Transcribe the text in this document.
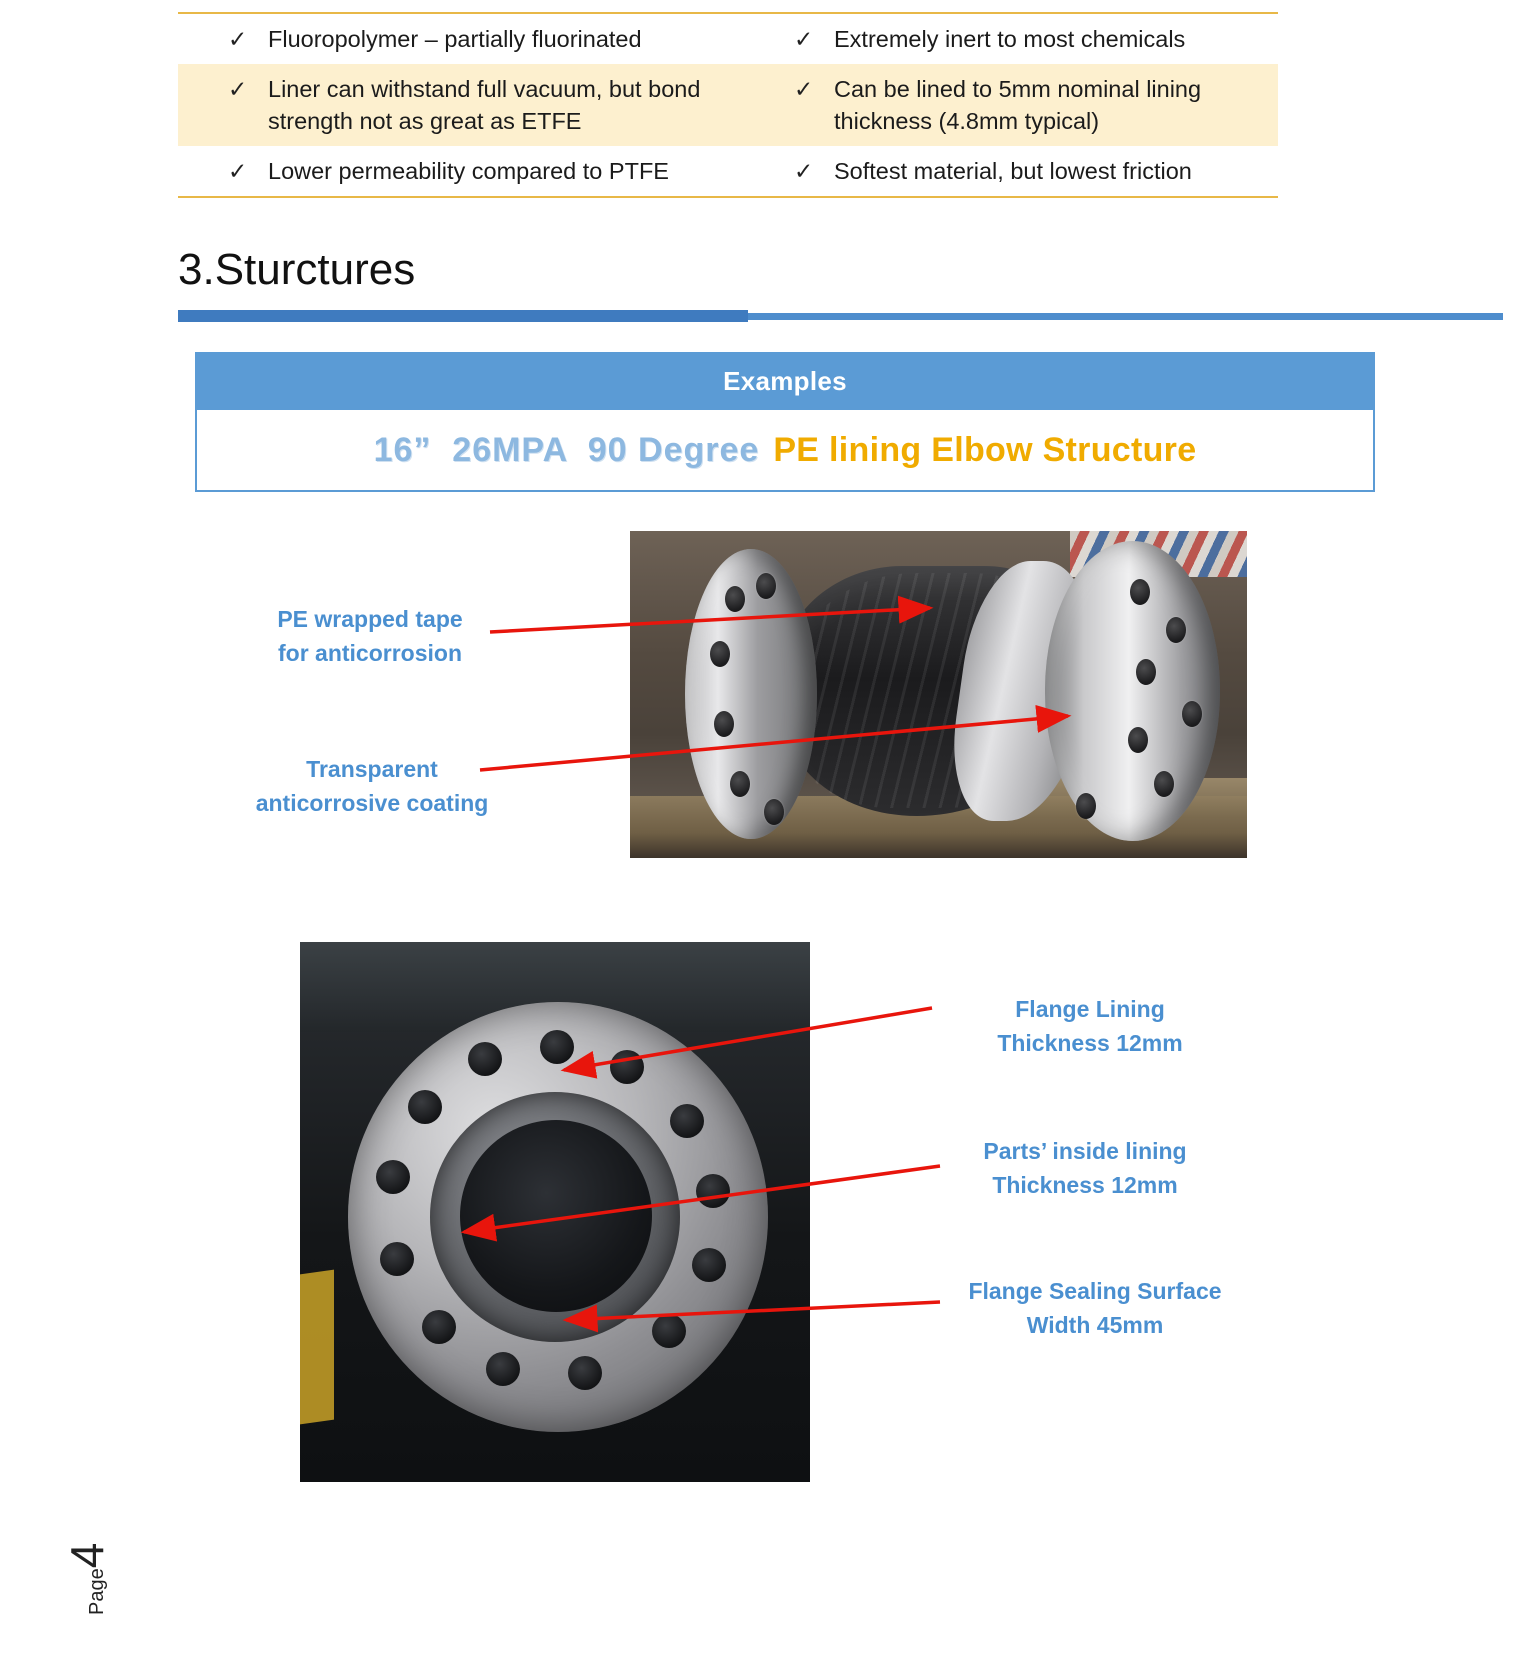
✓ Fluoropolymer – partially fluorinated	✓ Extremely inert to most chemicals
✓ Liner can withstand full vacuum, but bond strength not as great as ETFE
✓ Can be lined to 5mm nominal lining thickness (4.8mm typical)
✓ Lower permeability compared to PTFE	✓ Softest material, but lowest friction
3.Sturctures
Examples
16”  26MPA  90 Degree PE lining Elbow Structure
PE wrapped tape
for anticorrosion
Transparent
anticorrosive coating
Flange Lining
Thickness 12mm
Parts’ inside lining
Thickness 12mm
Flange Sealing Surface
Width 45mm
Page4
